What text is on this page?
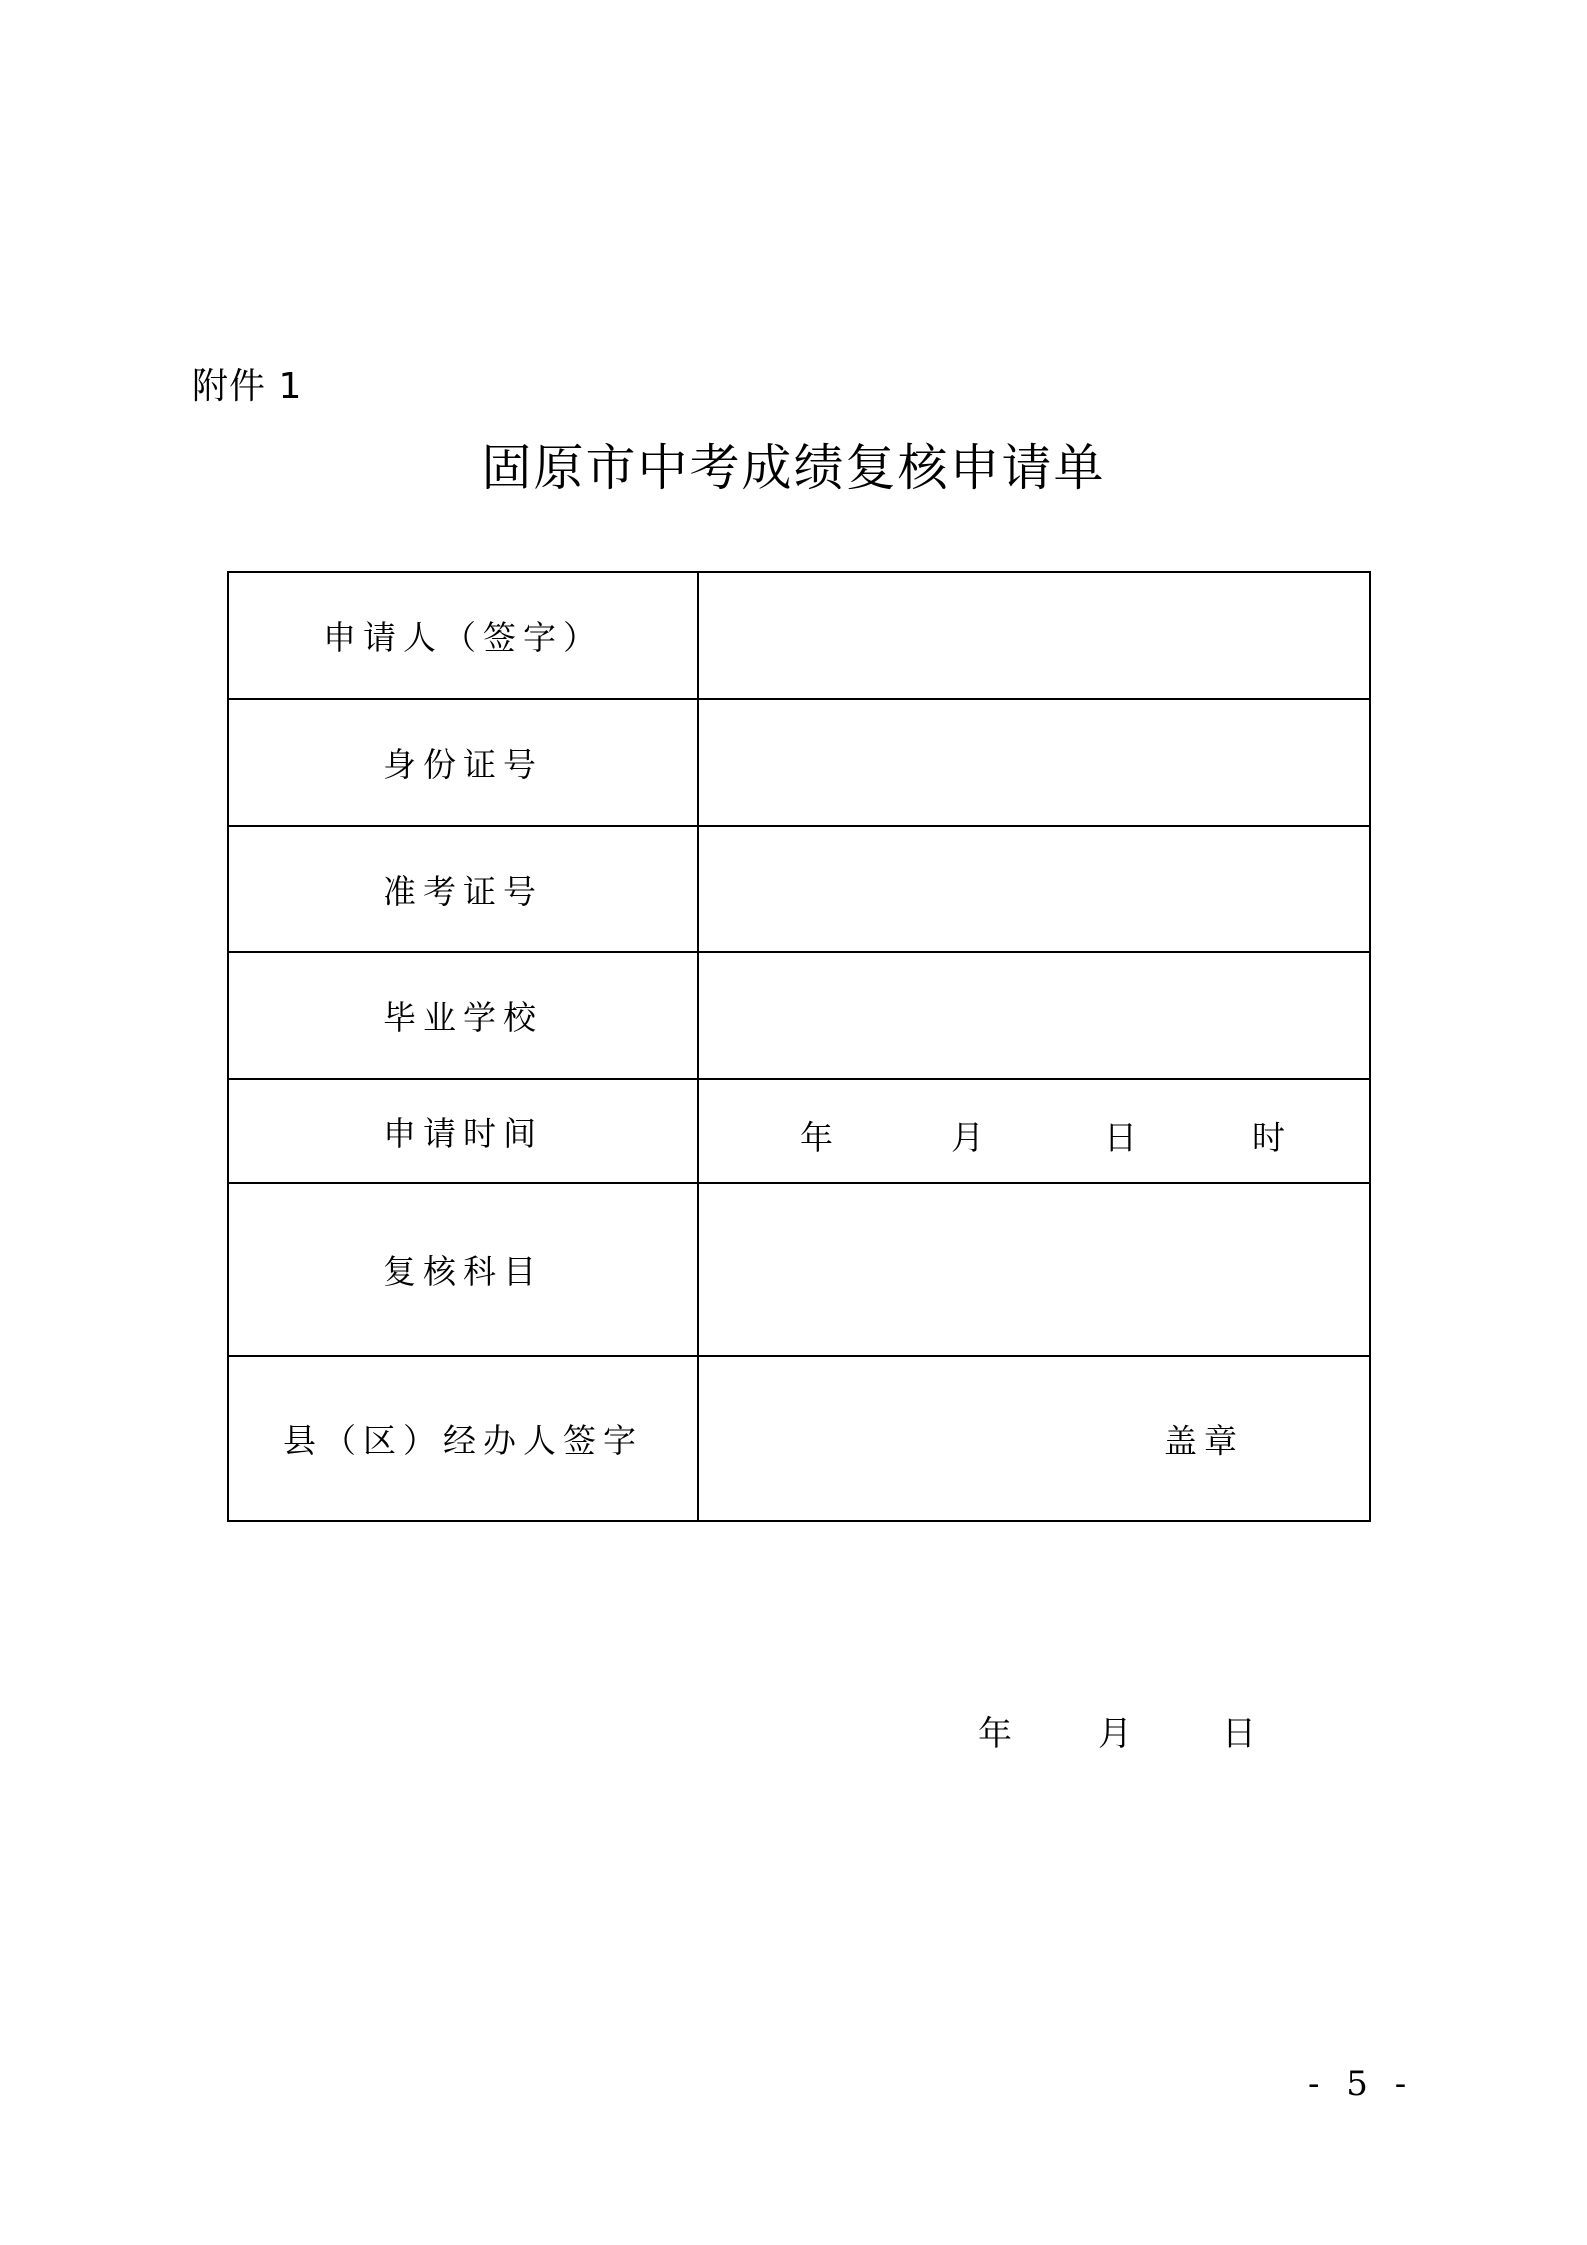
附件 1
固原市中考成绩复核申请单
申请人（签字）	
身份证号	
准考证号	
毕业学校	
申请时间	年 月 日 时

复核科目	
县（区）经办人签字	盖章
年	月	日
- 5 -
